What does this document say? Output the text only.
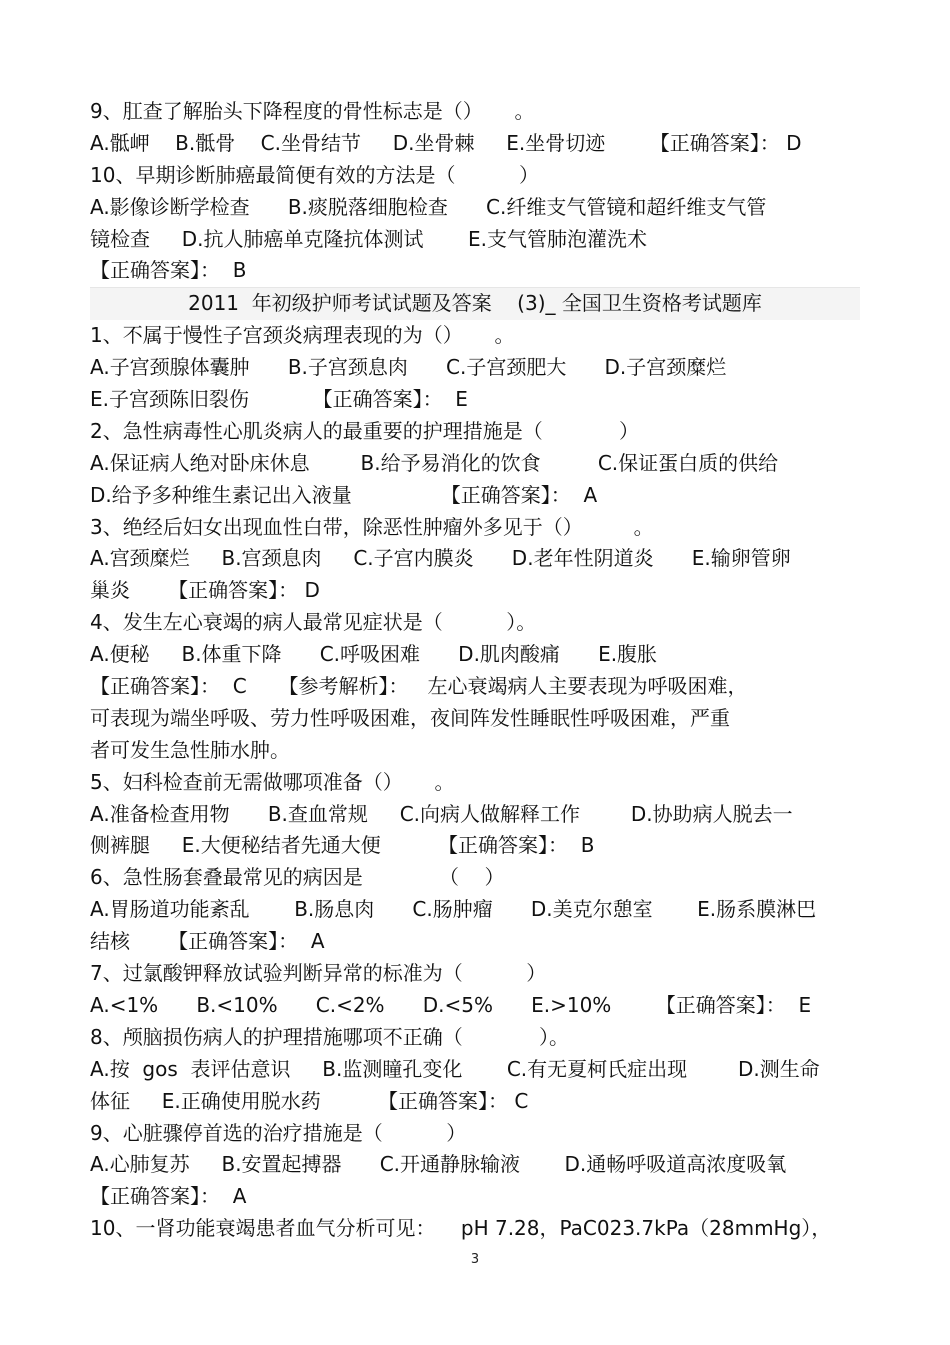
9、肛查了解胎头下降程度的骨性标志是（）     。
A.骶岬    B.骶骨    C.坐骨结节     D.坐骨棘     E.坐骨切迹       【正确答案】： D
10、早期诊断肺癌最简便有效的方法是（          ）
A.影像诊断学检查      B.痰脱落细胞检查      C.纤维支气管镜和超纤维支气管
镜检查     D.抗人肺癌单克隆抗体测试       E.支气管肺泡灌洗术
【正确答案】：  B
2011  年初级护师考试试题及答案    (3)_ 全国卫生资格考试题库
1、不属于慢性子宫颈炎病理表现的为（）     。
A.子宫颈腺体囊肿      B.子宫颈息肉      C.子宫颈肥大      D.子宫颈糜烂
E.子宫颈陈旧裂伤          【正确答案】：  E
2、急性病毒性心肌炎病人的最重要的护理措施是（            ）
A.保证病人绝对卧床休息        B.给予易消化的饮食         C.保证蛋白质的供给
D.给予多种维生素记出入液量              【正确答案】：  A
3、绝经后妇女出现血性白带，除恶性肿瘤外多见于（）        。
A.宫颈糜烂     B.宫颈息肉     C.子宫内膜炎      D.老年性阴道炎      E.输卵管卵
巢炎      【正确答案】： D
4、发生左心衰竭的病人最常见症状是（          ）。
A.便秘     B.体重下降      C.呼吸困难      D.肌肉酸痛      E.腹胀
【正确答案】：  C     【参考解析】：   左心衰竭病人主要表现为呼吸困难，
可表现为端坐呼吸、劳力性呼吸困难，夜间阵发性睡眠性呼吸困难，严重
者可发生急性肺水肿。
5、妇科检查前无需做哪项准备（）     。
A.准备检查用物      B.查血常规     C.向病人做解释工作        D.协助病人脱去一
侧裤腿     E.大便秘结者先通大便         【正确答案】：  B
6、急性肠套叠最常见的病因是            （    ）
A.胃肠道功能紊乱       B.肠息肉      C.肠肿瘤      D.美克尔憩室       E.肠系膜淋巴
结核      【正确答案】：  A
7、过氯酸钾释放试验判断异常的标准为（          ）
A.<1%      B.<10%      C.<2%      D.<5%      E.>10%       【正确答案】：  E
8、颅脑损伤病人的护理措施哪项不正确（            ）。
A.按  gos  表评估意识     B.监测瞳孔变化       C.有无夏柯氏症出现        D.测生命
体征     E.正确使用脱水药         【正确答案】： C
9、心脏骤停首选的治疗措施是（          ）
A.心肺复苏     B.安置起搏器      C.开通静脉输液       D.通畅呼吸道高浓度吸氧
【正确答案】：  A
10、一肾功能衰竭患者血气分析可见：    pH 7.28，PaC023.7kPa（28mmHg），
3
